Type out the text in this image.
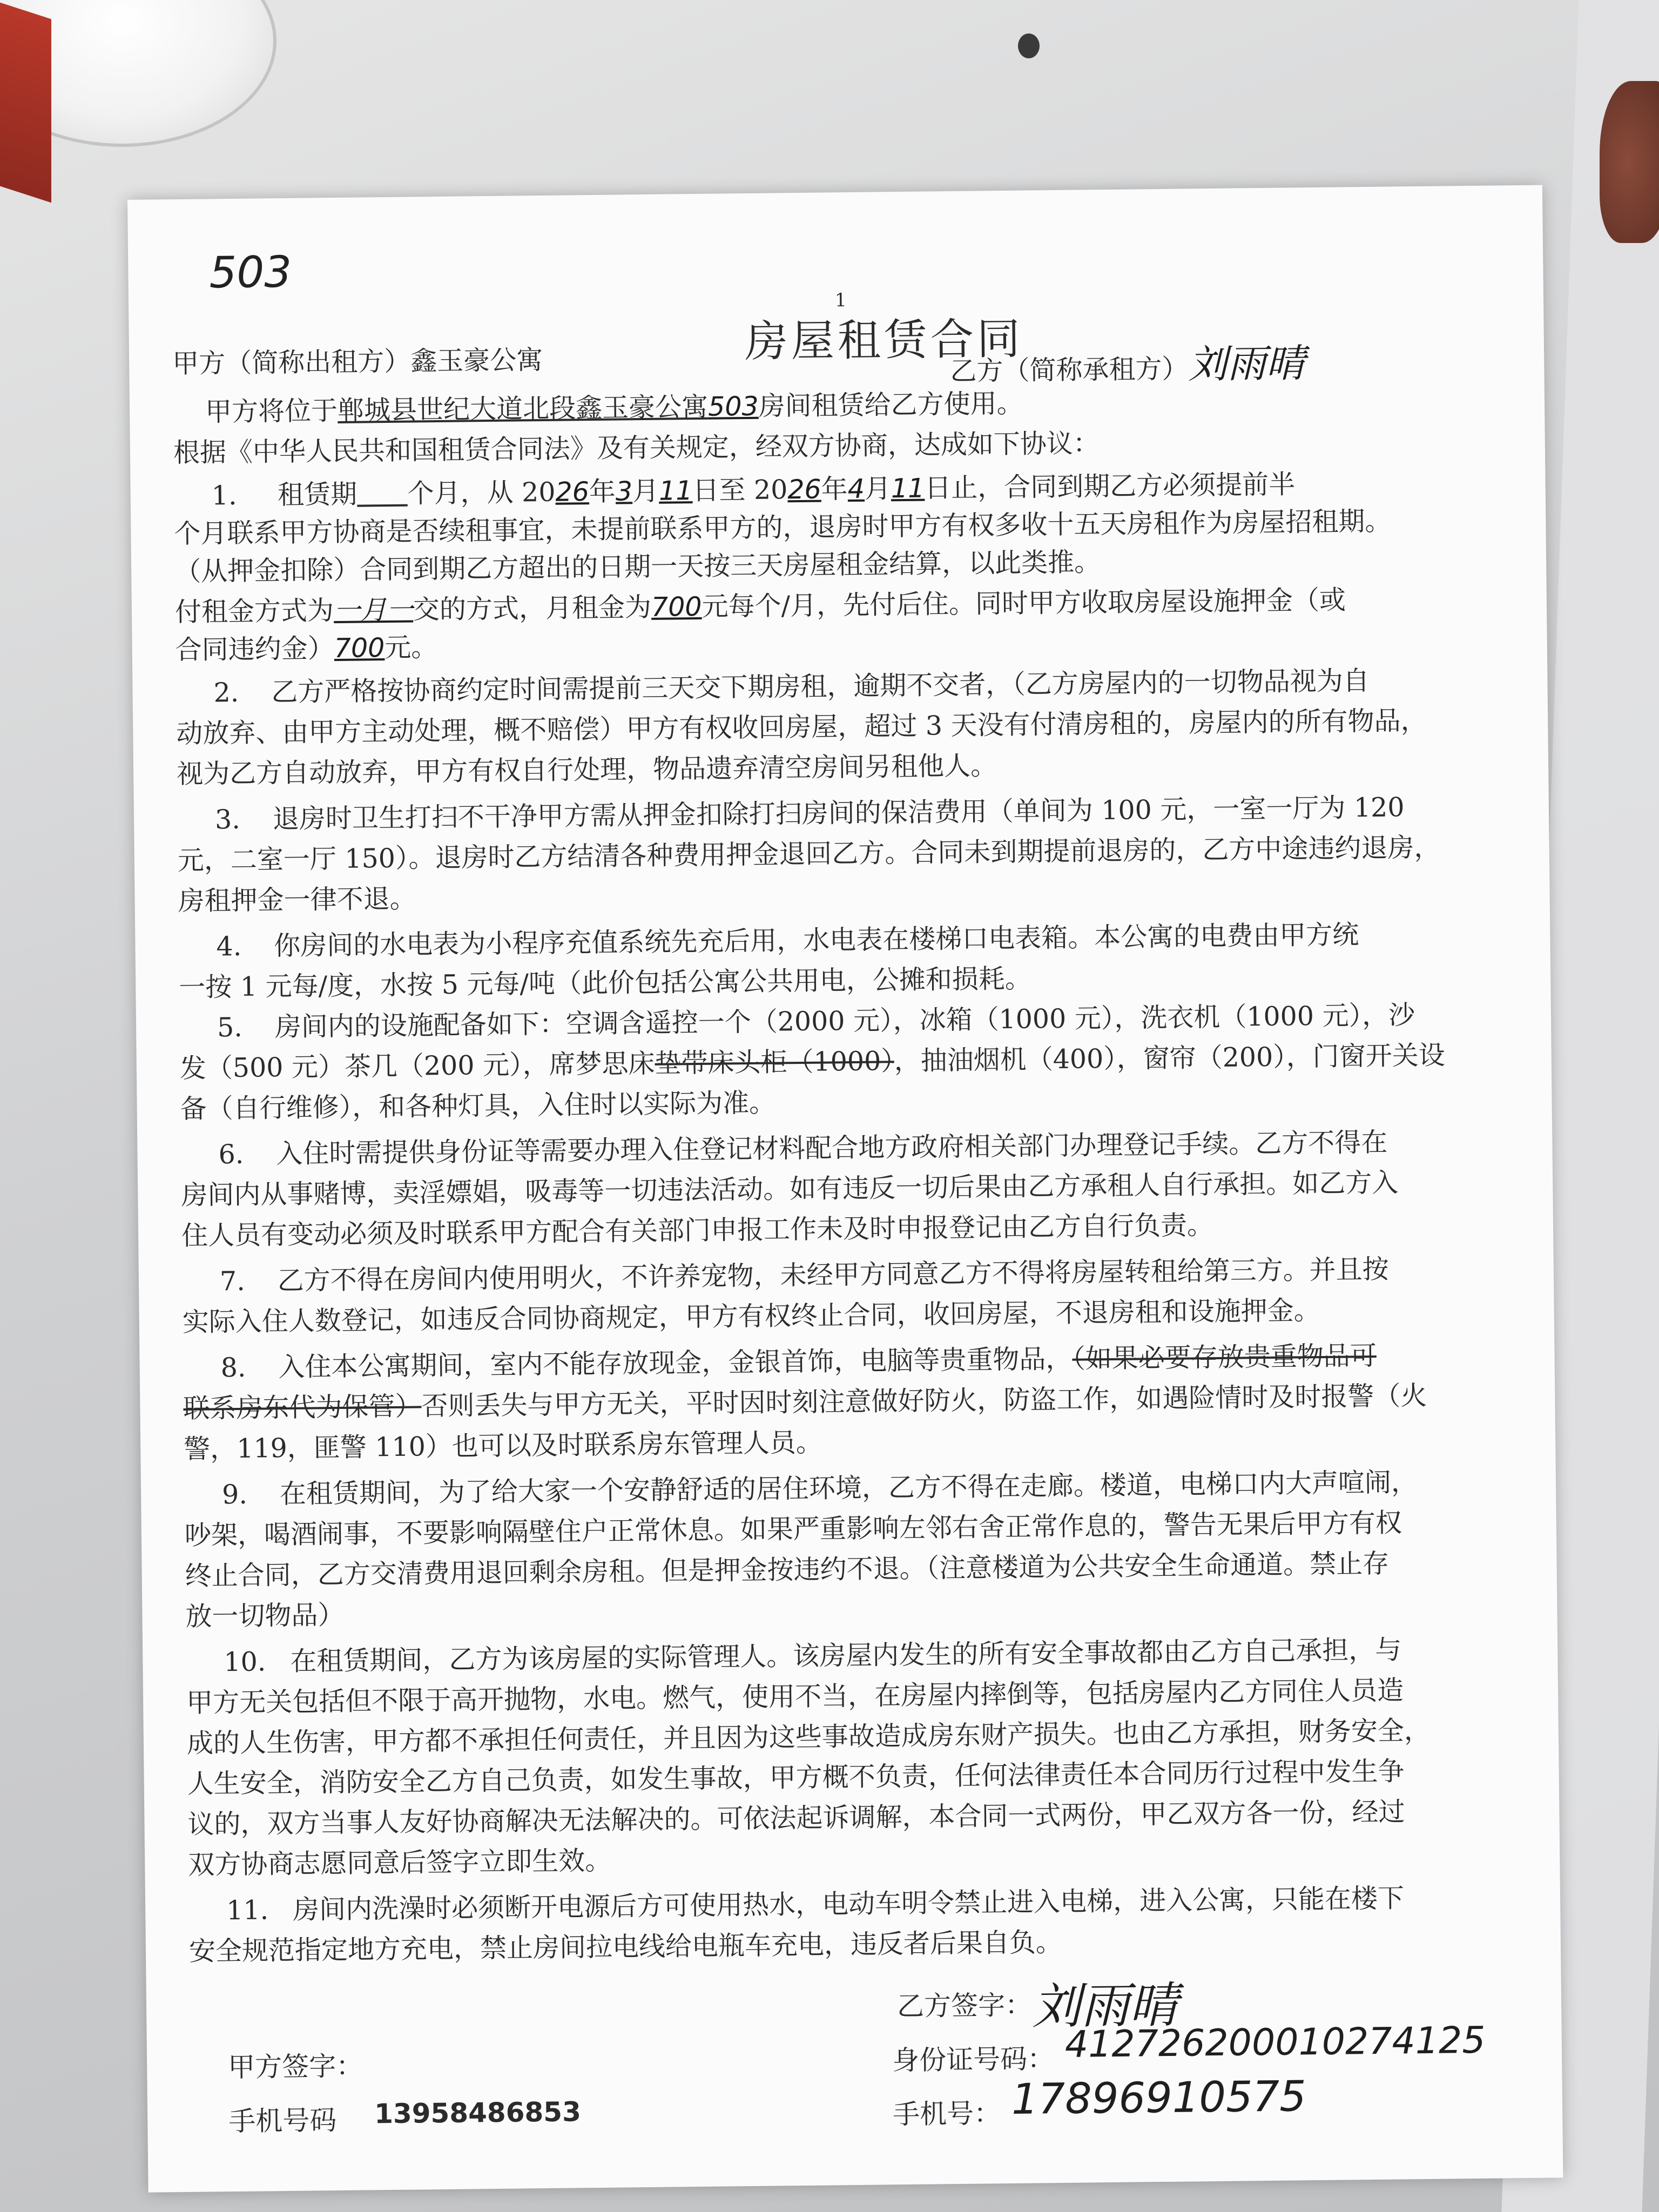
503
1
房屋租赁合同
甲方（简称出租方）鑫玉豪公寓	乙方（简称承租方）刘雨晴
甲方将位于郸城县世纪大道北段鑫玉豪公寓503房间租赁给乙方使用。
根据《中华人民共和国租赁合同法》及有关规定，经双方协商，达成如下协议：
1. 租赁期 个月，从 2026年3月11日至 2026年4月11日止，合同到期乙方必须提前半
个月联系甲方协商是否续租事宜，未提前联系甲方的，退房时甲方有权多收十五天房租作为房屋招租期。
（从押金扣除）合同到期乙方超出的日期一天按三天房屋租金结算，以此类推。
付租金方式为一月一交的方式，月租金为700元每个/月，先付后住。同时甲方收取房屋设施押金（或
合同违约金）700元。
2. 乙方严格按协商约定时间需提前三天交下期房租，逾期不交者，（乙方房屋内的一切物品视为自
动放弃、由甲方主动处理，概不赔偿）甲方有权收回房屋，超过 3 天没有付清房租的，房屋内的所有物品，
视为乙方自动放弃，甲方有权自行处理，物品遗弃清空房间另租他人。
3. 退房时卫生打扫不干净甲方需从押金扣除打扫房间的保洁费用（单间为 100 元，一室一厅为 120
元，二室一厅 150）。退房时乙方结清各种费用押金退回乙方。合同未到期提前退房的，乙方中途违约退房，
房租押金一律不退。
4. 你房间的水电表为小程序充值系统先充后用，水电表在楼梯口电表箱。本公寓的电费由甲方统
一按 1 元每/度，水按 5 元每/吨（此价包括公寓公共用电，公摊和损耗。
5. 房间内的设施配备如下：空调含遥控一个（2000 元），冰箱（1000 元），洗衣机（1000 元），沙
发（500 元）茶几（200 元），席梦思床垫带床头柜（1000），抽油烟机（400），窗帘（200），门窗开关设
备（自行维修），和各种灯具，入住时以实际为准。
6. 入住时需提供身份证等需要办理入住登记材料配合地方政府相关部门办理登记手续。乙方不得在
房间内从事赌博，卖淫嫖娼，吸毒等一切违法活动。如有违反一切后果由乙方承租人自行承担。如乙方入
住人员有变动必须及时联系甲方配合有关部门申报工作未及时申报登记由乙方自行负责。
7. 乙方不得在房间内使用明火，不许养宠物，未经甲方同意乙方不得将房屋转租给第三方。并且按
实际入住人数登记，如违反合同协商规定，甲方有权终止合同，收回房屋，不退房租和设施押金。
8. 入住本公寓期间，室内不能存放现金，金银首饰，电脑等贵重物品，（如果必要存放贵重物品可
联系房东代为保管）否则丢失与甲方无关，平时因时刻注意做好防火，防盗工作，如遇险情时及时报警（火
警，119，匪警 110）也可以及时联系房东管理人员。
9. 在租赁期间，为了给大家一个安静舒适的居住环境，乙方不得在走廊。楼道，电梯口内大声喧闹，
吵架，喝酒闹事，不要影响隔壁住户正常休息。如果严重影响左邻右舍正常作息的，警告无果后甲方有权
终止合同，乙方交清费用退回剩余房租。但是押金按违约不退。（注意楼道为公共安全生命通道。禁止存
放一切物品）
10. 在租赁期间，乙方为该房屋的实际管理人。该房屋内发生的所有安全事故都由乙方自己承担，与
甲方无关包括但不限于高开抛物，水电。燃气，使用不当，在房屋内摔倒等，包括房屋内乙方同住人员造
成的人生伤害，甲方都不承担任何责任，并且因为这些事故造成房东财产损失。也由乙方承担，财务安全，
人生安全，消防安全乙方自己负责，如发生事故，甲方概不负责，任何法律责任本合同历行过程中发生争
议的，双方当事人友好协商解决无法解决的。可依法起诉调解，本合同一式两份，甲乙双方各一份，经过
双方协商志愿同意后签字立即生效。
11. 房间内洗澡时必须断开电源后方可使用热水，电动车明令禁止进入电梯，进入公寓，只能在楼下
安全规范指定地方充电，禁止房间拉电线给电瓶车充电，违反者后果自负。
甲方签字：
手机号码 13958486853
乙方签字： 刘雨晴
身份证号码： 412726200010274125
手机号： 17896910575
